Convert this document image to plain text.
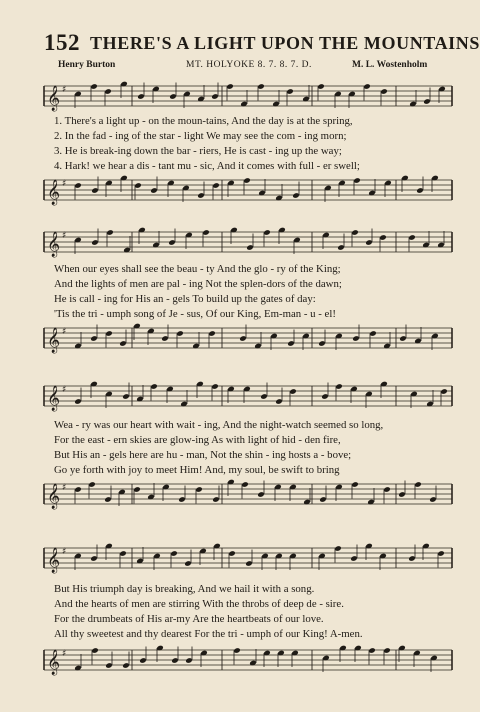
152 THERE'S A LIGHT UPON THE MOUNTAINS
Henry Burton	MT. HOLYOKE 8. 7. 8. 7. D.	M. L. Wostenholm
𝄞 ♯
1. There's a light up - on the moun-tains, And the day is at the spring,
2. In the fad - ing of the star - light We may see the com - ing morn;
3. He is break-ing down the bar - riers, He is cast - ing up the way;
4. Hark! we hear a dis - tant mu - sic, And it comes with full - er swell;
𝄞 ♯
𝄞 ♯
When our eyes shall see the beau - ty And the glo - ry of the King;
And the lights of men are pal - ing Not the splen-dors of the dawn;
He is call - ing for His an - gels To build up the gates of day:
'Tis the tri - umph song of Je - sus, Of our King, Em-man - u - el!
𝄞 ♯
𝄞 ♯
Wea - ry was our heart with wait - ing, And the night-watch seemed so long,
For the east - ern skies are glow-ing As with light of hid - den fire,
But His an - gels here are hu - man, Not the shin - ing hosts a - bove;
Go ye forth with joy to meet Him! And, my soul, be swift to bring
𝄞 ♯
𝄞 ♯
But His triumph day is breaking, And we hail it with a song.
And the hearts of men are stirring With the throbs of deep de - sire.
For the drumbeats of His ar-my Are the heartbeats of our love.
All thy sweetest and thy dearest For the tri - umph of our King! A-men.
𝄞 ♯
